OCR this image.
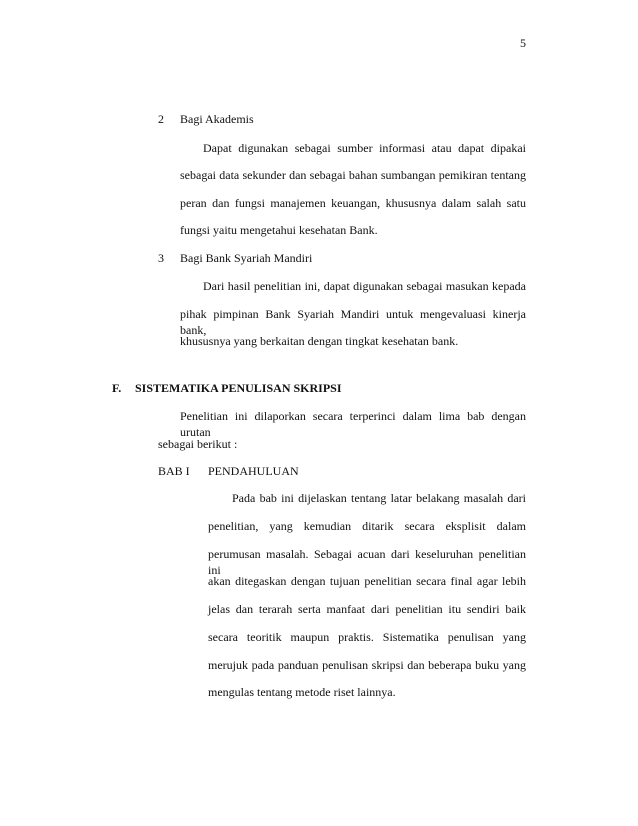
5
2 Bagi Akademis
Dapat digunakan sebagai sumber informasi atau dapat dipakai
sebagai data sekunder dan sebagai bahan sumbangan pemikiran tentang
peran dan fungsi manajemen keuangan, khususnya dalam salah satu
fungsi yaitu mengetahui kesehatan Bank.
3 Bagi Bank Syariah Mandiri
Dari hasil penelitian ini, dapat digunakan sebagai masukan kepada
pihak pimpinan Bank Syariah Mandiri untuk mengevaluasi kinerja bank,
khususnya yang berkaitan dengan tingkat kesehatan bank.
F. SISTEMATIKA PENULISAN SKRIPSI
Penelitian ini dilaporkan secara terperinci dalam lima bab dengan urutan
sebagai berikut :
BAB I PENDAHULUAN
Pada bab ini dijelaskan tentang latar belakang masalah dari
penelitian, yang kemudian ditarik secara eksplisit dalam
perumusan masalah. Sebagai acuan dari keseluruhan penelitian ini
akan ditegaskan dengan tujuan penelitian secara final agar lebih
jelas dan terarah serta manfaat dari penelitian itu sendiri baik
secara teoritik maupun praktis. Sistematika penulisan yang
merujuk pada panduan penulisan skripsi dan beberapa buku yang
mengulas tentang metode riset lainnya.
